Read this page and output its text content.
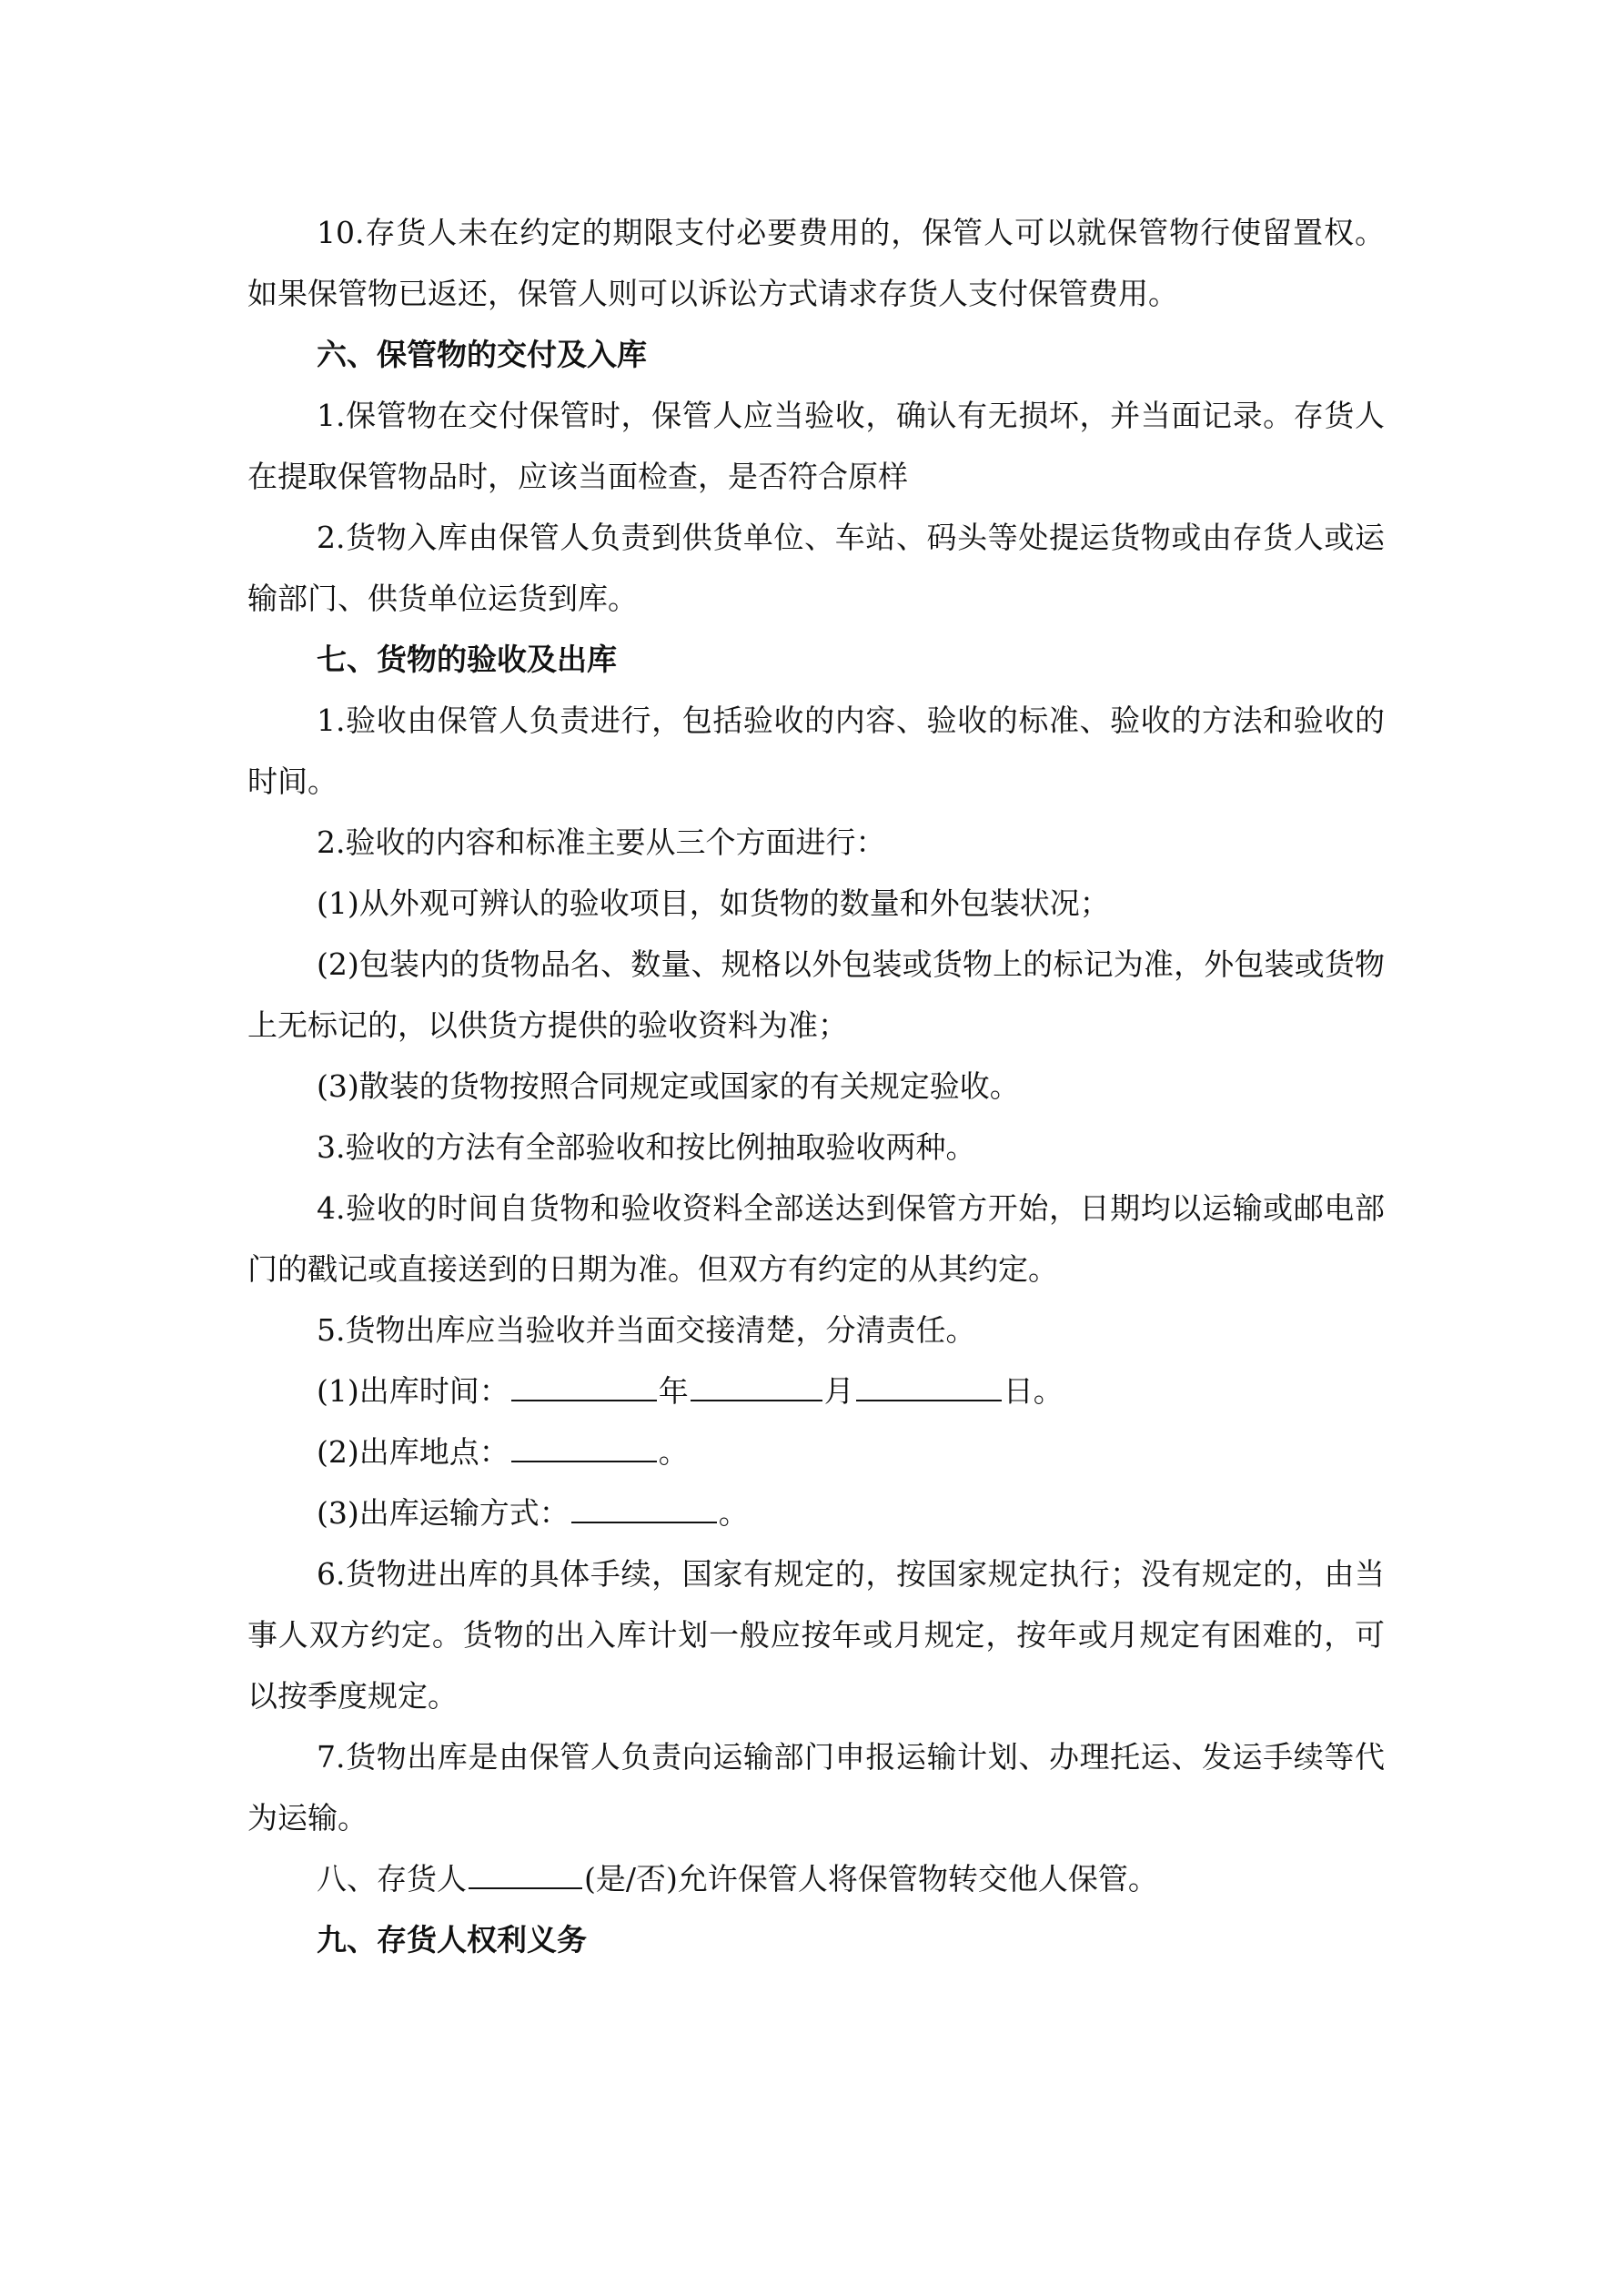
10.存货人未在约定的期限支付必要费用的，保管人可以就保管物行使留置权。如果保管物已返还，保管人则可以诉讼方式请求存货人支付保管费用。

六、保管物的交付及入库

1.保管物在交付保管时，保管人应当验收，确认有无损坏，并当面记录。存货人在提取保管物品时，应该当面检查，是否符合原样

2.货物入库由保管人负责到供货单位、车站、码头等处提运货物或由存货人或运输部门、供货单位运货到库。

七、货物的验收及出库

1.验收由保管人负责进行，包括验收的内容、验收的标准、验收的方法和验收的时间。

2.验收的内容和标准主要从三个方面进行：

(1)从外观可辨认的验收项目，如货物的数量和外包装状况；

(2)包装内的货物品名、数量、规格以外包装或货物上的标记为准，外包装或货物上无标记的，以供货方提供的验收资料为准；

(3)散装的货物按照合同规定或国家的有关规定验收。

3.验收的方法有全部验收和按比例抽取验收两种。

4.验收的时间自货物和验收资料全部送达到保管方开始，日期均以运输或邮电部门的戳记或直接送到的日期为准。但双方有约定的从其约定。

5.货物出库应当验收并当面交接清楚，分清责任。

(1)出库时间：	年	月	日。

(2)出库地点：	。

(3)出库运输方式：	。

6.货物进出库的具体手续，国家有规定的，按国家规定执行；没有规定的，由当事人双方约定。货物的出入库计划一般应按年或月规定，按年或月规定有困难的，可以按季度规定。

7.货物出库是由保管人负责向运输部门申报运输计划、办理托运、发运手续等代为运输。

八、存货人	(是/否)允许保管人将保管物转交他人保管。

九、存货人权利义务
